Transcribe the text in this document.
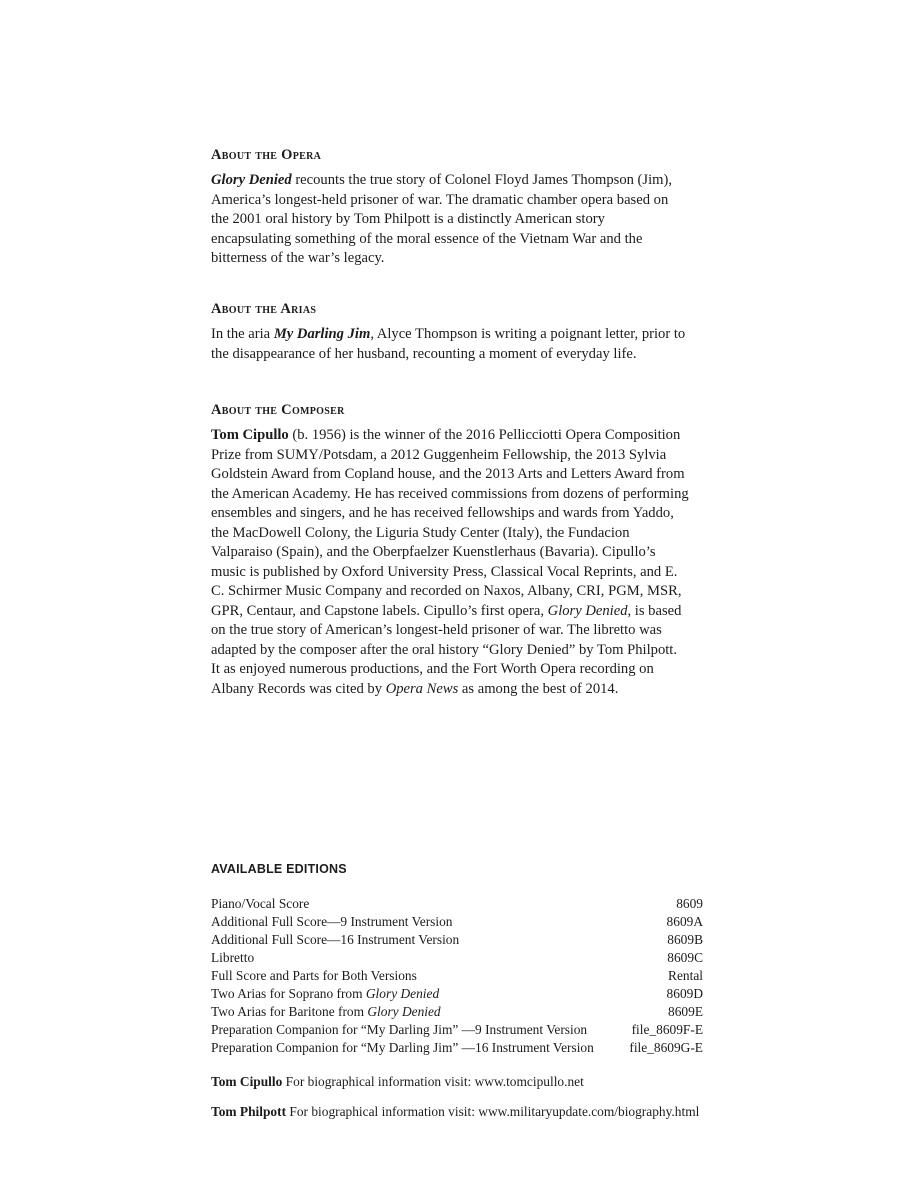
About the Opera

Glory Denied recounts the true story of Colonel Floyd James Thompson (Jim), America’s longest-held prisoner of war. The dramatic chamber opera based on the 2001 oral history by Tom Philpott is a distinctly American story encapsulating something of the moral essence of the Vietnam War and the bitterness of the war’s legacy.

About the Arias

In the aria My Darling Jim, Alyce Thompson is writing a poignant letter, prior to the disappearance of her husband, recounting a moment of everyday life.

About the Composer

Tom Cipullo (b. 1956) is the winner of the 2016 Pellicciotti Opera Composition Prize from SUMY/Potsdam, a 2012 Guggenheim Fellowship, the 2013 Sylvia Goldstein Award from Copland house, and the 2013 Arts and Letters Award from the American Academy. He has received commissions from dozens of performing ensembles and singers, and he has received fellowships and wards from Yaddo, the MacDowell Colony, the Liguria Study Center (Italy), the Fundacion Valparaiso (Spain), and the Oberpfaelzer Kuenstlerhaus (Bavaria). Cipullo’s music is published by Oxford University Press, Classical Vocal Reprints, and E. C. Schirmer Music Company and recorded on Naxos, Albany, CRI, PGM, MSR, GPR, Centaur, and Capstone labels. Cipullo’s first opera, Glory Denied, is based on the true story of American’s longest-held prisoner of war. The libretto was adapted by the composer after the oral history “Glory Denied” by Tom Philpott. It as enjoyed numerous productions, and the Fort Worth Opera recording on Albany Records was cited by Opera News as among the best of 2014.

AVAILABLE EDITIONS
Piano/Vocal Score	8609
Additional Full Score—9 Instrument Version	8609A
Additional Full Score—16 Instrument Version	8609B
Libretto	8609C
Full Score and Parts for Both Versions	Rental
Two Arias for Soprano from Glory Denied	8609D
Two Arias for Baritone from Glory Denied	8609E
Preparation Companion for “My Darling Jim” —9 Instrument Version	file_8609F-E
Preparation Companion for “My Darling Jim” —16 Instrument Version	file_8609G-E

Tom Cipullo For biographical information visit: www.tomcipullo.net

Tom Philpott For biographical information visit: www.militaryupdate.com/biography.html
